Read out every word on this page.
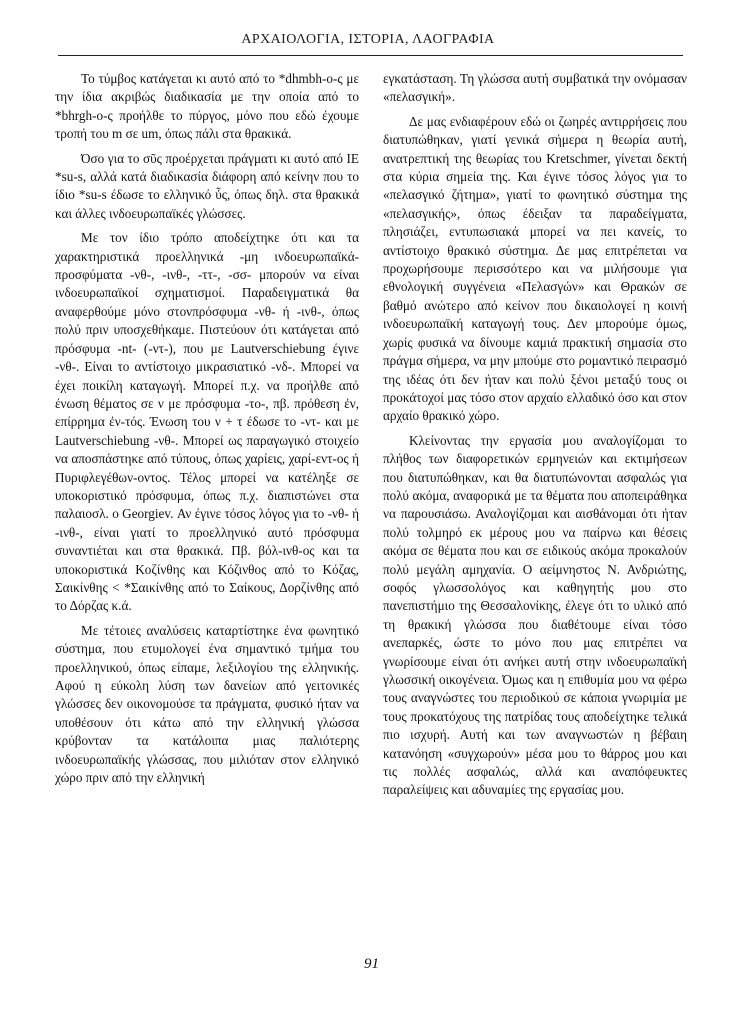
ΑΡΧΑΙΟΛΟΓΙΑ, ΙΣΤΟΡΙΑ, ΛΑΟΓΡΑΦΙΑ

Το τύμβος κατάγεται κι αυτό από το *dhmbh-o-ς με την ίδια ακριβώς διαδικασία με την οποία από το *bhrgh-o-ς προήλθε το πύργος, μόνο που εδώ έχουμε τροπή του m σε um, όπως πάλι στα θρακικά.

Όσο για το σῦς προέρχεται πράγματι κι αυτό από ΙΕ *su-s, αλλά κατά διαδικασία διάφορη από κείνην που το ίδιο *su-s έδωσε το ελληνικό ὗς, όπως δηλ. στα θρακικά και άλλες ινδοευρωπαϊκές γλώσσες.

Με τον ίδιο τρόπο αποδείχτηκε ότι και τα χαρακτηριστικά προελληνικά -μη ινδοευρωπαϊκά-προσφύματα -νθ-, -ινθ-, -ττ-, -σσ- μπορούν να είναι ινδοευρωπαϊκοί σχηματισμοί. Παραδειγματικά θα αναφερθούμε μόνο στονπρόσφυμα -νθ- ή -ινθ-, όπως πολύ πριν υποσχεθήκαμε. Πιστεύουν ότι κατάγεται από πρόσφυμα -nt- (-ντ-), που με Lautverschiebung έγινε -νθ-. Είναι το αντίστοιχο μικρασιατικό -νδ-. Μπορεί να έχει ποικίλη καταγωγή. Μπορεί π.χ. να προήλθε από ένωση θέματος σε ν με πρόσφυμα -το-, πβ. πρόθεση ἐν, επίρρημα ἐν-τός. Ένωση του ν + τ έδωσε το -ντ- και με Lautverschiebung -νθ-. Μπορεί ως παραγωγικό στοιχείο να αποσπάστηκε από τύπους, όπως χαρίεις, χαρί-εντ-ος ή Πυριφλεγέθων-οντος. Τέλος μπορεί να κατέληξε σε υποκοριστικό πρόσφυμα, όπως π.χ. διαπιστώνει στα παλαιοσλ. ο Georgiev. Αν έγινε τόσος λόγος για το -νθ- ή -ινθ-, είναι γιατί το προελληνικό αυτό πρόσφυμα συναντιέται και στα θρακικά. Πβ. βόλ-ινθ-ος και τα υποκοριστικά Κοζίνθης και Κόζινθος από το Κόζας, Σαικίνθης < *Σαικίνθης από το Σαίκους, Δορζίνθης από το Δόρζας κ.ά.

Με τέτοιες αναλύσεις καταρτίστηκε ένα φωνητικό σύστημα, που ετυμολογεί ένα σημαντικό τμήμα του προελληνικού, όπως είπαμε, λεξιλογίου της ελληνικής. Αφού η εύκολη λύση των δανείων από γειτονικές γλώσσες δεν οικονομούσε τα πράγματα, φυσικό ήταν να υποθέσουν ότι κάτω από την ελληνική γλώσσα κρύβονταν τα κατάλοιπα μιας παλιότερης ινδοευρωπαϊκής γλώσσας, που μιλιόταν στον ελληνικό χώρο πριν από την ελληνική

εγκατάσταση. Τη γλώσσα αυτή συμβατικά την ονόμασαν «πελασγική».

Δε μας ενδιαφέρουν εδώ οι ζωηρές αντιρρήσεις που διατυπώθηκαν, γιατί γενικά σήμερα η θεωρία αυτή, ανατρεπτική της θεωρίας του Kretschmer, γίνεται δεκτή στα κύρια σημεία της. Και έγινε τόσος λόγος για το «πελασγικό ζήτημα», γιατί το φωνητικό σύστημα της «πελασγικής», όπως έδειξαν τα παραδείγματα, πλησιάζει, εντυπωσιακά μπορεί να πει κανείς, το αντίστοιχο θρακικό σύστημα. Δε μας επιτρέπεται να προχωρήσουμε περισσότερο και να μιλήσουμε για εθνολογική συγγένεια «Πελασγών» και Θρακών σε βαθμό ανώτερο από κείνον που δικαιολογεί η κοινή ινδοευρωπαϊκή καταγωγή τους. Δεν μπορούμε όμως, χωρίς φυσικά να δίνουμε καμιά πρακτική σημασία στο πράγμα σήμερα, να μην μπούμε στο ρομαντικό πειρασμό της ιδέας ότι δεν ήταν και πολύ ξένοι μεταξύ τους οι προκάτοχοί μας τόσο στον αρχαίο ελλαδικό όσο και στον αρχαίο θρακικό χώρο.

Κλείνοντας την εργασία μου αναλογίζομαι το πλήθος των διαφορετικών ερμηνειών και εκτιμήσεων που διατυπώθηκαν, και θα διατυπώνονται ασφαλώς για πολύ ακόμα, αναφορικά με τα θέματα που αποπειράθηκα να παρουσιάσω. Αναλογίζομαι και αισθάνομαι ότι ήταν πολύ τολμηρό εκ μέρους μου να παίρνω και θέσεις ακόμα σε θέματα που και σε ειδικούς ακόμα προκαλούν πολύ μεγάλη αμηχανία. Ο αείμνηστος Ν. Ανδριώτης, σοφός γλωσσολόγος και καθηγητής μου στο πανεπιστήμιο της Θεσσαλονίκης, έλεγε ότι το υλικό από τη θρακική γλώσσα που διαθέτουμε είναι τόσο ανεπαρκές, ώστε το μόνο που μας επιτρέπει να γνωρίσουμε είναι ότι ανήκει αυτή στην ινδοευρωπαϊκή γλωσσική οικογένεια. Όμως και η επιθυμία μου να φέρω τους αναγνώστες του περιοδικού σε κάποια γνωριμία με τους προκατόχους της πατρίδας τους αποδείχτηκε τελικά πιο ισχυρή. Αυτή και των αναγνωστών η βέβαιη κατανόηση «συγχωρούν» μέσα μου το θάρρος μου και τις πολλές ασφαλώς, αλλά και αναπόφευκτες παραλείψεις και αδυναμίες της εργασίας μου.

91
